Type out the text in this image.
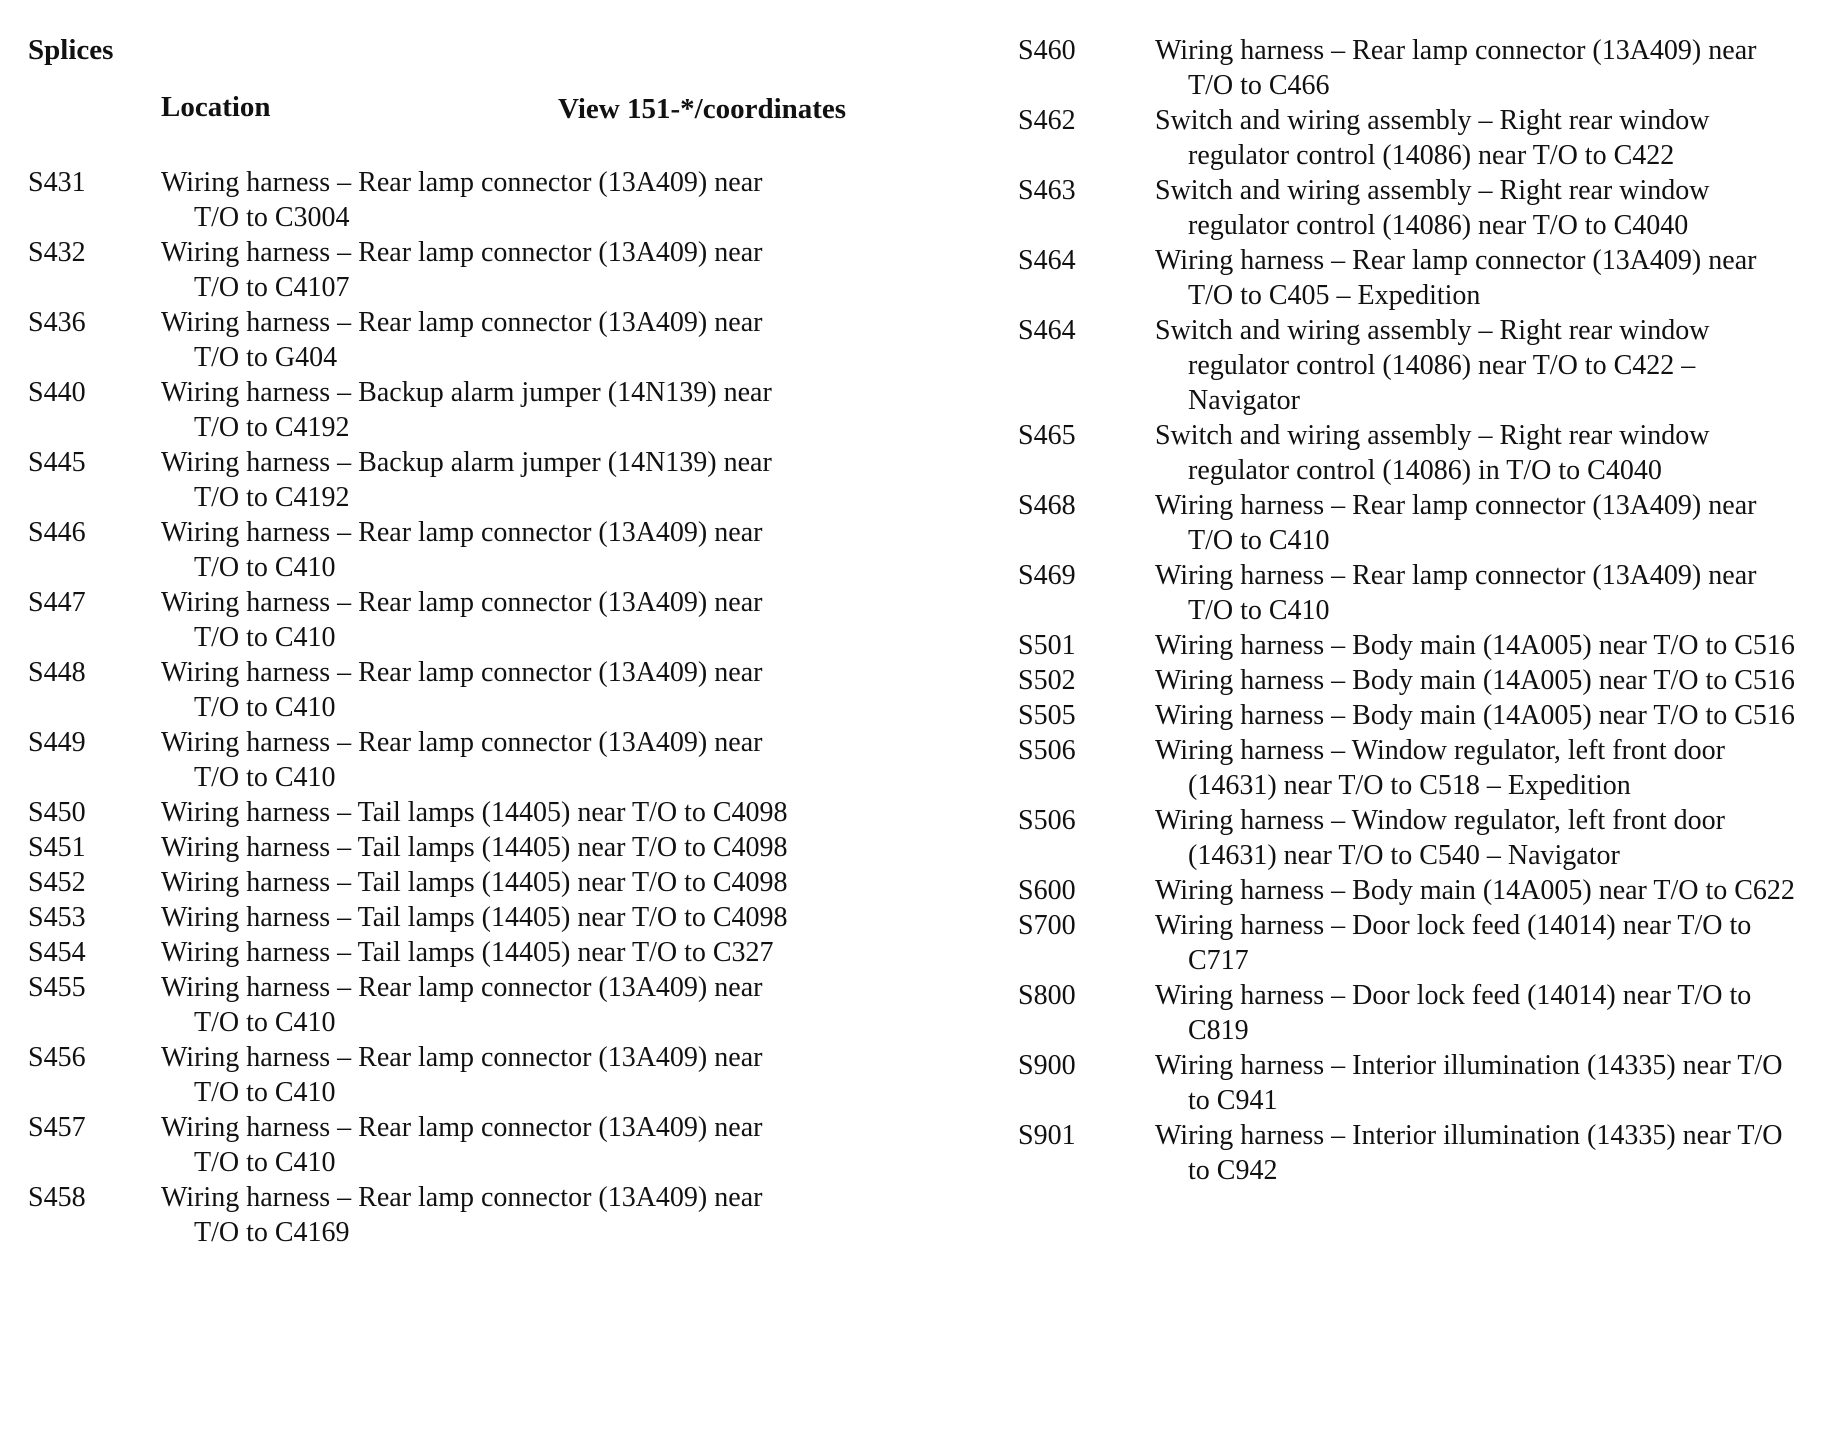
Splices
Location	View 151-*/coordinates
S431	Wiring harness – Rear lamp connector (13A409) near T/O to C3004
S432	Wiring harness – Rear lamp connector (13A409) near T/O to C4107
S436	Wiring harness – Rear lamp connector (13A409) near T/O to G404
S440	Wiring harness – Backup alarm jumper (14N139) near T/O to C4192
S445	Wiring harness – Backup alarm jumper (14N139) near T/O to C4192
S446	Wiring harness – Rear lamp connector (13A409) near T/O to C410
S447	Wiring harness – Rear lamp connector (13A409) near T/O to C410
S448	Wiring harness – Rear lamp connector (13A409) near T/O to C410
S449	Wiring harness – Rear lamp connector (13A409) near T/O to C410
S450	Wiring harness – Tail lamps (14405) near T/O to C4098
S451	Wiring harness – Tail lamps (14405) near T/O to C4098
S452	Wiring harness – Tail lamps (14405) near T/O to C4098
S453	Wiring harness – Tail lamps (14405) near T/O to C4098
S454	Wiring harness – Tail lamps (14405) near T/O to C327
S455	Wiring harness – Rear lamp connector (13A409) near T/O to C410
S456	Wiring harness – Rear lamp connector (13A409) near T/O to C410
S457	Wiring harness – Rear lamp connector (13A409) near T/O to C410
S458	Wiring harness – Rear lamp connector (13A409) near T/O to C4169
S460	Wiring harness – Rear lamp connector (13A409) near T/O to C466
S462	Switch and wiring assembly – Right rear window regulator control (14086) near T/O to C422
S463	Switch and wiring assembly – Right rear window regulator control (14086) near T/O to C4040
S464	Wiring harness – Rear lamp connector (13A409) near T/O to C405 – Expedition
S464	Switch and wiring assembly – Right rear window regulator control (14086) near T/O to C422 – Navigator
S465	Switch and wiring assembly – Right rear window regulator control (14086) in T/O to C4040
S468	Wiring harness – Rear lamp connector (13A409) near T/O to C410
S469	Wiring harness – Rear lamp connector (13A409) near T/O to C410
S501	Wiring harness – Body main (14A005) near T/O to C516
S502	Wiring harness – Body main (14A005) near T/O to C516
S505	Wiring harness – Body main (14A005) near T/O to C516
S506	Wiring harness – Window regulator, left front door (14631) near T/O to C518 – Expedition
S506	Wiring harness – Window regulator, left front door (14631) near T/O to C540 – Navigator
S600	Wiring harness – Body main (14A005) near T/O to C622
S700	Wiring harness – Door lock feed (14014) near T/O to C717
S800	Wiring harness – Door lock feed (14014) near T/O to C819
S900	Wiring harness – Interior illumination (14335) near T/O to C941
S901	Wiring harness – Interior illumination (14335) near T/O to C942
